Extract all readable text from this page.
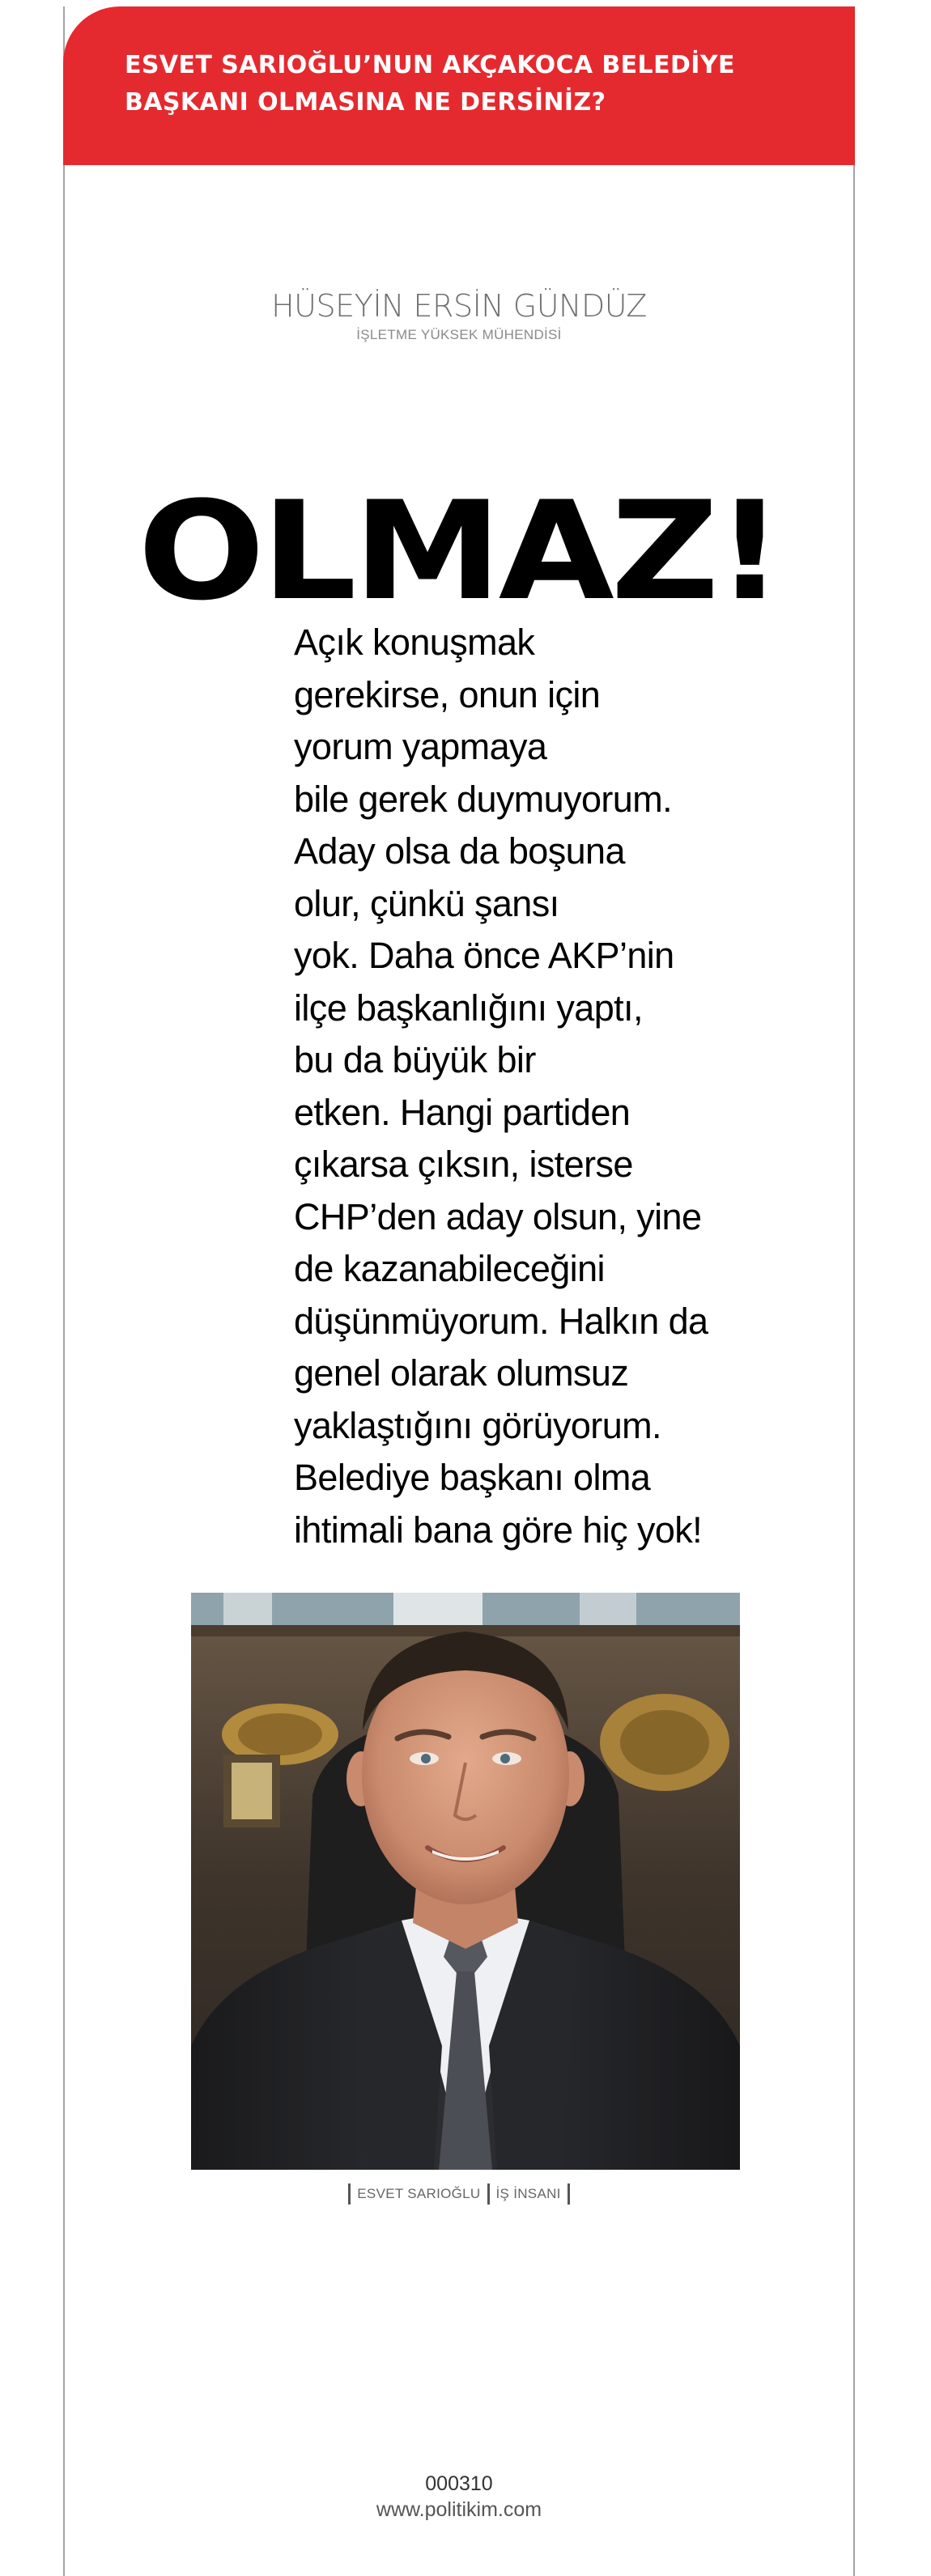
ESVET SARIOĞLU’NUN AKÇAKOCA BELEDİYE
BAŞKANI OLMASINA NE DERSİNİZ?
HÜSEYİN ERSİN GÜNDÜZ
İŞLETME YÜKSEK MÜHENDİSİ
OLMAZ!
Açık konuşmak
gerekirse, onun için
yorum yapmaya
bile gerek duymuyorum.
Aday olsa da boşuna
olur, çünkü şansı
yok. Daha önce AKP’nin
ilçe başkanlığını yaptı,
bu da büyük bir
etken. Hangi partiden
çıkarsa çıksın, isterse
CHP’den aday olsun, yine
de kazanabileceğini
düşünmüyorum. Halkın da
genel olarak olumsuz
yaklaştığını görüyorum.
Belediye başkanı olma
ihtimali bana göre hiç yok!
ESVET SARIOĞLU İŞ İNSANI
000310
www.politikim.com
